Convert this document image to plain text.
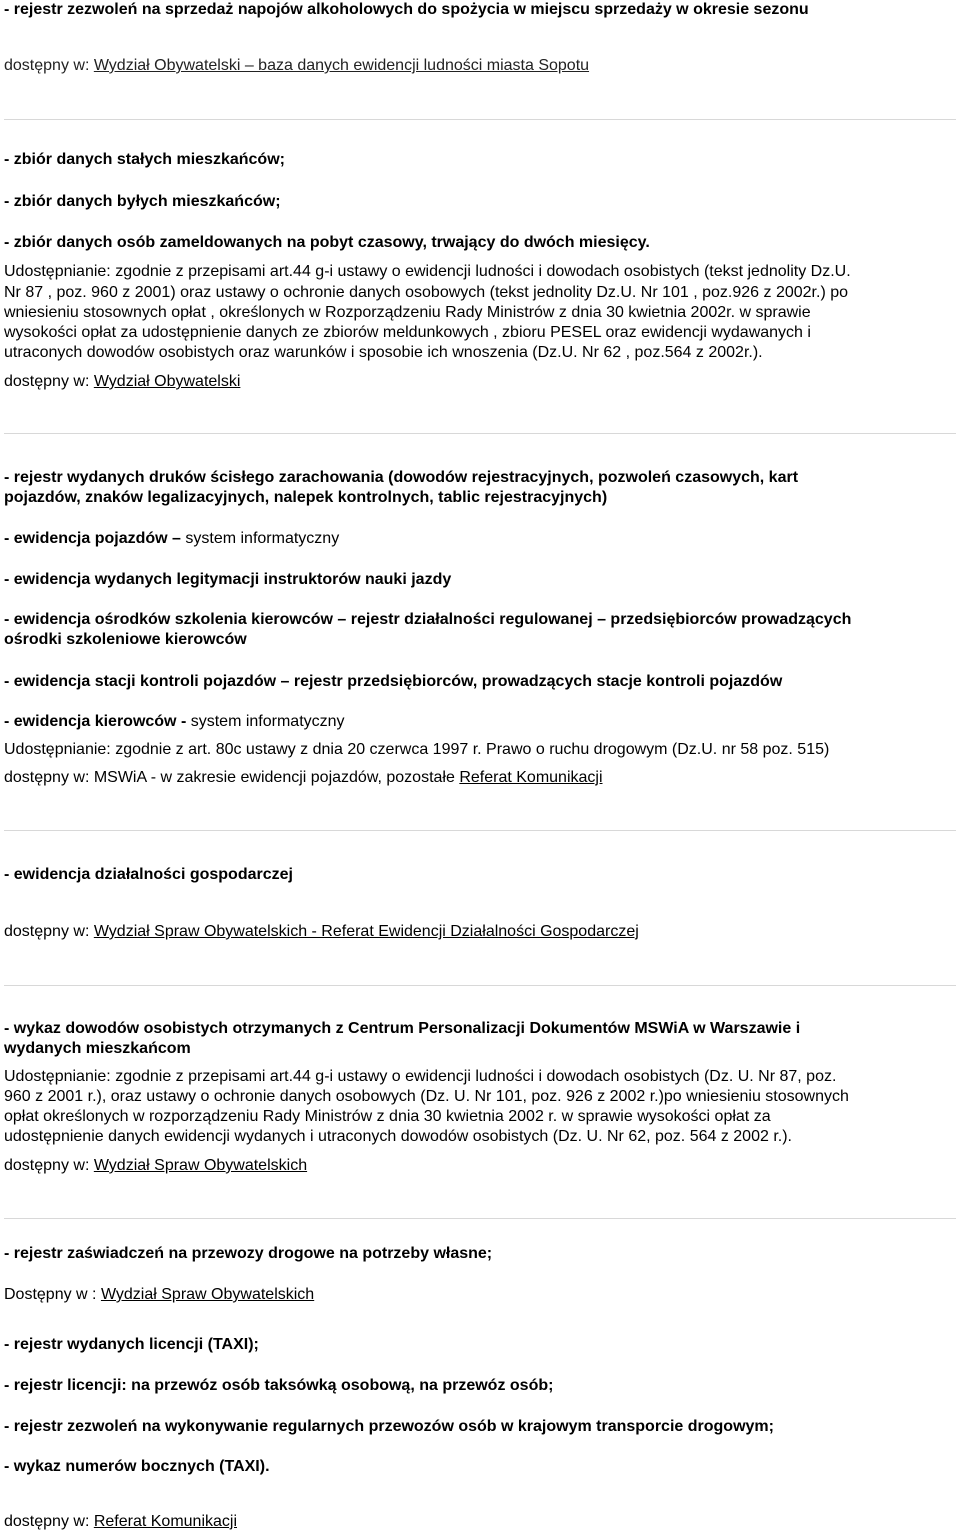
- rejestr zezwoleń na sprzedaż napojów alkoholowych do spożycia w miejscu sprzedaży w okresie sezonu
dostępny w: Wydział Obywatelski – baza danych ewidencji ludności miasta Sopotu
- zbiór danych stałych mieszkańców;
- zbiór danych byłych mieszkańców;
- zbiór danych osób zameldowanych na pobyt czasowy, trwający do dwóch miesięcy.
Udostępnianie: zgodnie z przepisami art.44 g-i ustawy o ewidencji ludności i dowodach osobistych (tekst jednolity Dz.U.
Nr 87 , poz. 960 z 2001) oraz ustawy o ochronie danych osobowych (tekst jednolity Dz.U. Nr 101 , poz.926 z 2002r.) po
wniesieniu stosownych opłat , określonych w Rozporządzeniu Rady Ministrów z dnia 30 kwietnia 2002r. w sprawie
wysokości opłat za udostępnienie danych ze zbiorów meldunkowych , zbioru PESEL oraz ewidencji wydawanych i
utraconych dowodów osobistych oraz warunków i sposobie ich wnoszenia (Dz.U. Nr 62 , poz.564 z 2002r.).
dostępny w: Wydział Obywatelski
- rejestr wydanych druków ścisłego zarachowania (dowodów rejestracyjnych, pozwoleń czasowych, kart
pojazdów, znaków legalizacyjnych, nalepek kontrolnych, tablic rejestracyjnych)
- ewidencja pojazdów – system informatyczny
- ewidencja wydanych legitymacji instruktorów nauki jazdy
- ewidencja ośrodków szkolenia kierowców – rejestr działalności regulowanej – przedsiębiorców prowadzących
ośrodki szkoleniowe kierowców
- ewidencja stacji kontroli pojazdów – rejestr przedsiębiorców, prowadzących stacje kontroli pojazdów
- ewidencja kierowców - system informatyczny
Udostępnianie: zgodnie z art. 80c ustawy z dnia 20 czerwca 1997 r. Prawo o ruchu drogowym (Dz.U. nr 58 poz. 515)
dostępny w: MSWiA - w zakresie ewidencji pojazdów, pozostałe Referat Komunikacji
- ewidencja działalności gospodarczej
dostępny w: Wydział Spraw Obywatelskich - Referat Ewidencji Działalności Gospodarczej
- wykaz dowodów osobistych otrzymanych z Centrum Personalizacji Dokumentów MSWiA w Warszawie i
wydanych mieszkańcom
Udostępnianie: zgodnie z przepisami art.44 g-i ustawy o ewidencji ludności i dowodach osobistych (Dz. U. Nr 87, poz.
960 z 2001 r.), oraz ustawy o ochronie danych osobowych (Dz. U. Nr 101, poz. 926 z 2002 r.)po wniesieniu stosownych
opłat określonych w rozporządzeniu Rady Ministrów z dnia 30 kwietnia 2002 r. w sprawie wysokości opłat za
udostępnienie danych ewidencji wydanych i utraconych dowodów osobistych (Dz. U. Nr 62, poz. 564 z 2002 r.).
dostępny w: Wydział Spraw Obywatelskich
- rejestr zaświadczeń na przewozy drogowe na potrzeby własne;
Dostępny w : Wydział Spraw Obywatelskich
- rejestr wydanych licencji (TAXI);
- rejestr licencji: na przewóz osób taksówką osobową, na przewóz osób;
- rejestr zezwoleń na wykonywanie regularnych przewozów osób w krajowym transporcie drogowym;
- wykaz numerów bocznych (TAXI).
dostępny w: Referat Komunikacji
